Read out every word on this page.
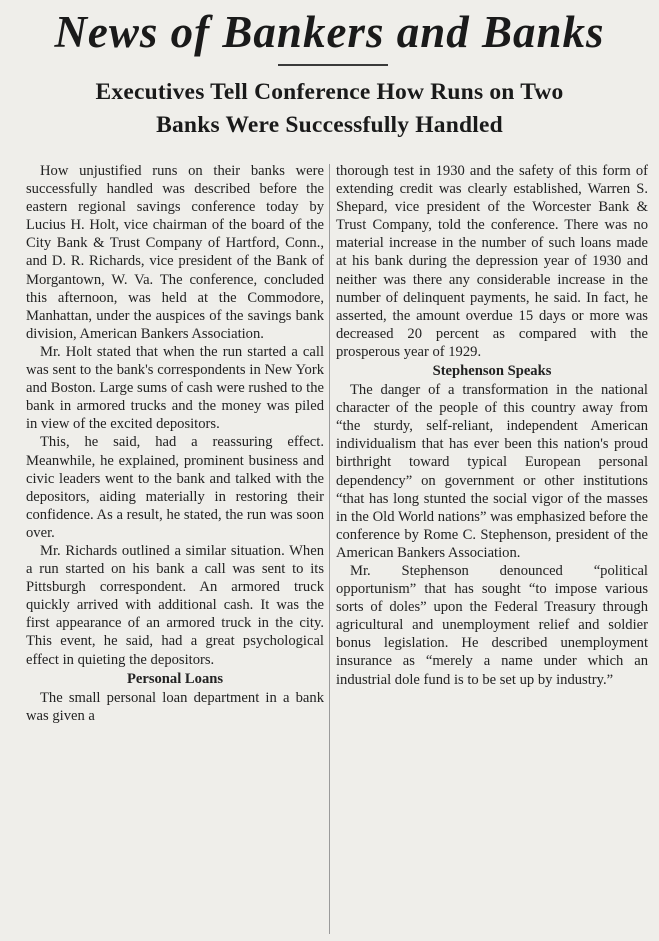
News of Bankers and Banks
Executives Tell Conference How Runs on Two
Banks Were Successfully Handled

How unjustified runs on their banks were successfully handled was described before the eastern regional savings conference today by Lucius H. Holt, vice chairman of the board of the City Bank & Trust Company of Hartford, Conn., and D. R. Richards, vice president of the Bank of Morgantown, W. Va. The conference, concluded this afternoon, was held at the Commodore, Manhattan, under the auspices of the savings bank division, American Bankers Association.

Mr. Holt stated that when the run started a call was sent to the bank's correspondents in New York and Boston. Large sums of cash were rushed to the bank in armored trucks and the money was piled in view of the excited depositors.

This, he said, had a reassuring effect. Meanwhile, he explained, prominent business and civic leaders went to the bank and talked with the depositors, aiding materially in restoring their confidence. As a result, he stated, the run was soon over.

Mr. Richards outlined a similar situation. When a run started on his bank a call was sent to its Pittsburgh correspondent. An armored truck quickly arrived with additional cash. It was the first appearance of an armored truck in the city. This event, he said, had a great psychological effect in quieting the depositors.

Personal Loans

The small personal loan department in a bank was given a

thorough test in 1930 and the safety of this form of extending credit was clearly established, Warren S. Shepard, vice president of the Worcester Bank & Trust Company, told the conference. There was no material increase in the number of such loans made at his bank during the depression year of 1930 and neither was there any considerable increase in the number of delinquent payments, he said. In fact, he asserted, the amount overdue 15 days or more was decreased 20 percent as compared with the prosperous year of 1929.

Stephenson Speaks

The danger of a transformation in the national character of the people of this country away from “the sturdy, self-reliant, independent American individualism that has ever been this nation's proud birthright toward typical European personal dependency” on government or other institutions “that has long stunted the social vigor of the masses in the Old World nations” was emphasized before the conference by Rome C. Stephenson, president of the American Bankers Association.

Mr. Stephenson denounced “political opportunism” that has sought “to impose various sorts of doles” upon the Federal Treasury through agricultural and unemployment relief and soldier bonus legislation. He described unemployment insurance as “merely a name under which an industrial dole fund is to be set up by industry.”
